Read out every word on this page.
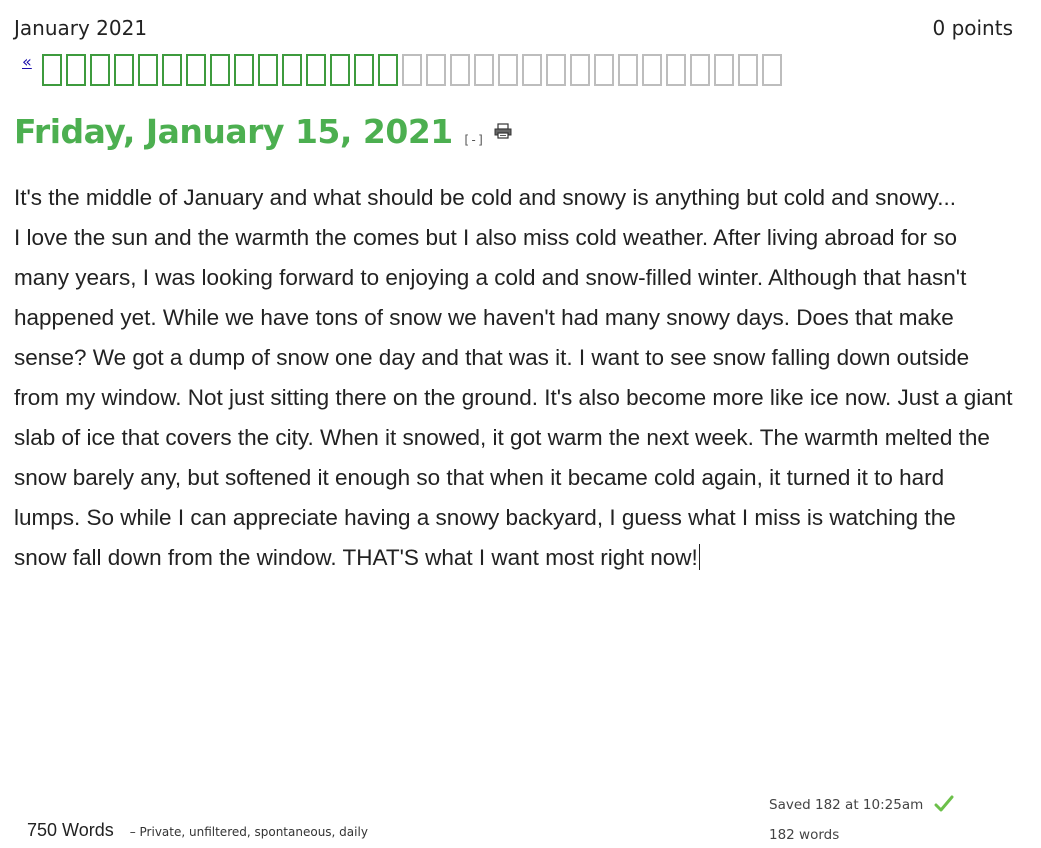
January 2021	0 points
«
Friday, January 15, 2021 [-]

It's the middle of January and what should be cold and snowy is anything but cold and snowy...

I love the sun and the warmth the comes but I also miss cold weather. After living abroad for so many years, I was looking forward to enjoying a cold and snow-filled winter. Although that hasn't happened yet. While we have tons of snow we haven't had many snowy days. Does that make sense? We got a dump of snow one day and that was it. I want to see snow falling down outside from my window. Not just sitting there on the ground. It's also become more like ice now. Just a giant slab of ice that covers the city. When it snowed, it got warm the next week. The warmth melted the snow barely any, but softened it enough so that when it became cold again, it turned it to hard lumps. So while I can appreciate having a snowy backyard, I guess what I miss is watching the snow fall down from the window. THAT'S what I want most right now!

750 Words – Private, unfiltered, spontaneous, daily
Saved 182 at 10:25am
182 words
